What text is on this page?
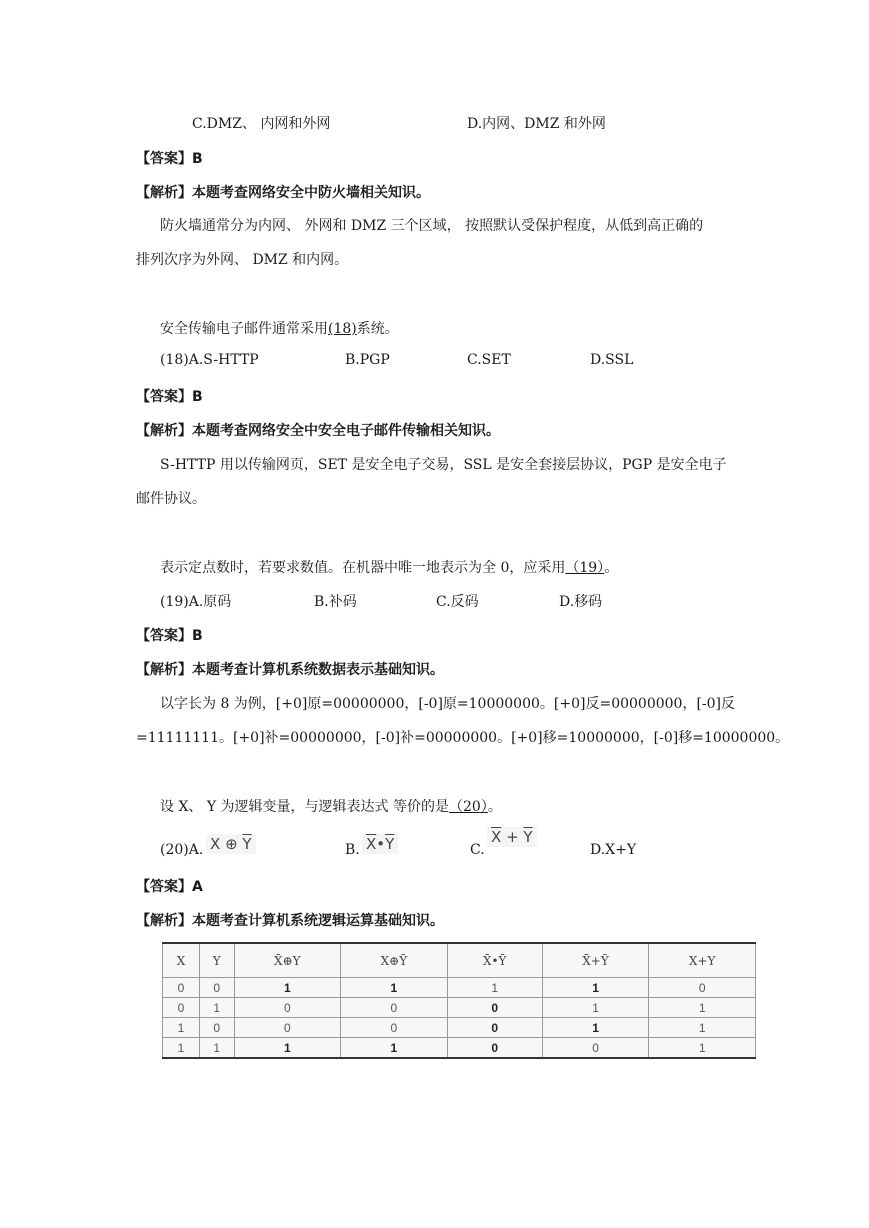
C.DMZ、 内网和外网	D.内网、DMZ 和外网
【答案】B
【解析】本题考查网络安全中防火墙相关知识。
防火墙通常分为内网、 外网和 DMZ 三个区域， 按照默认受保护程度，从低到高正确的
排列次序为外网、 DMZ 和内网。
安全传输电子邮件通常采用(18)系统。
(18)A.S-HTTP	B.PGP	C.SET	D.SSL
【答案】B
【解析】本题考查网络安全中安全电子邮件传输相关知识。
S-HTTP 用以传输网页，SET 是安全电子交易，SSL 是安全套接层协议，PGP 是安全电子
邮件协议。
表示定点数时，若要求数值。在机器中唯一地表示为全 0，应采用（19）。
(19)A.原码	B.补码	C.反码	D.移码
【答案】B
【解析】本题考查计算机系统数据表示基础知识。
以字长为 8 为例，[+0]原=00000000，[-0]原=10000000。[+0]反=00000000，[-0]反
=11111111。[+0]补=00000000，[-0]补=00000000。[+0]移=10000000，[-0]移=10000000。
设 X、 Y 为逻辑变量，与逻辑表达式 等价的是（20）。
(20)A. X ⊕ $\overline{Y}$	B. $\overline{X}•\overline{Y}$	C.
$\overline{X} + \overline{Y}$
D.X+Y
【答案】A
【解析】本题考查计算机系统逻辑运算基础知识。
X	Y	X̄⊕Y	X⊕Ȳ	X̄•Ȳ	X̄+Ȳ	X+Y
0	0	1	1	1	1	0
0	1	0	0	0	1	1
1	0	0	0	0	1	1
1	1	1	1	0	0	1
